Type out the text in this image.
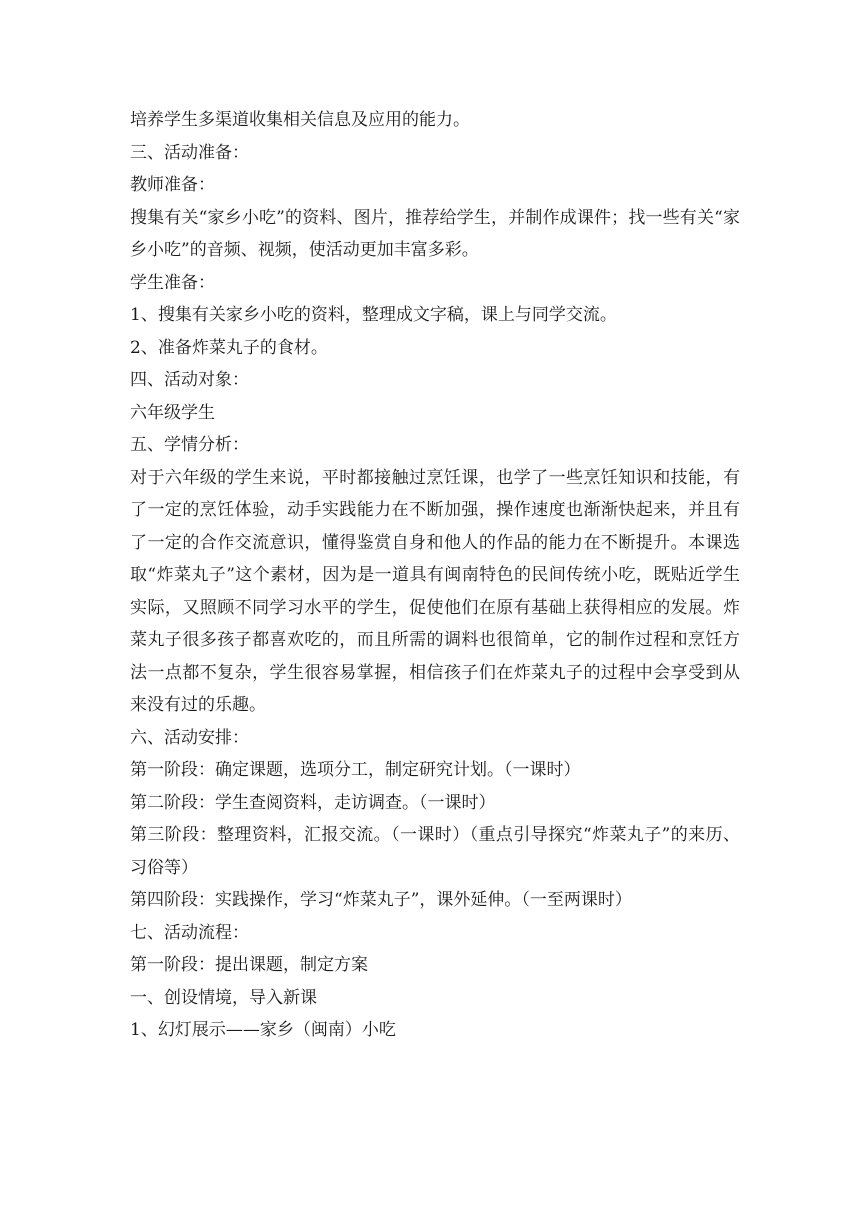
培养学生多渠道收集相关信息及应用的能力。

三、活动准备：

教师准备：

搜集有关“家乡小吃”的资料、图片，推荐给学生，并制作成课件；找一些有关“家乡小吃”的音频、视频，使活动更加丰富多彩。

学生准备：

1、搜集有关家乡小吃的资料，整理成文字稿，课上与同学交流。

2、准备炸菜丸子的食材。

四、活动对象：

六年级学生

五、学情分析：

对于六年级的学生来说，平时都接触过烹饪课，也学了一些烹饪知识和技能，有了一定的烹饪体验，动手实践能力在不断加强，操作速度也渐渐快起来，并且有了一定的合作交流意识，懂得鉴赏自身和他人的作品的能力在不断提升。本课选取“炸菜丸子”这个素材，因为是一道具有闽南特色的民间传统小吃，既贴近学生实际，又照顾不同学习水平的学生，促使他们在原有基础上获得相应的发展。炸菜丸子很多孩子都喜欢吃的，而且所需的调料也很简单，它的制作过程和烹饪方法一点都不复杂，学生很容易掌握，相信孩子们在炸菜丸子的过程中会享受到从来没有过的乐趣。

六、活动安排：

第一阶段：确定课题，选项分工，制定研究计划。（一课时）

第二阶段：学生查阅资料，走访调查。（一课时）

第三阶段：整理资料，汇报交流。（一课时）（重点引导探究“炸菜丸子”的来历、习俗等）

第四阶段：实践操作，学习“炸菜丸子”，课外延伸。（一至两课时）

七、活动流程：

第一阶段：提出课题，制定方案

一、创设情境，导入新课

1、幻灯展示——家乡（闽南）小吃
